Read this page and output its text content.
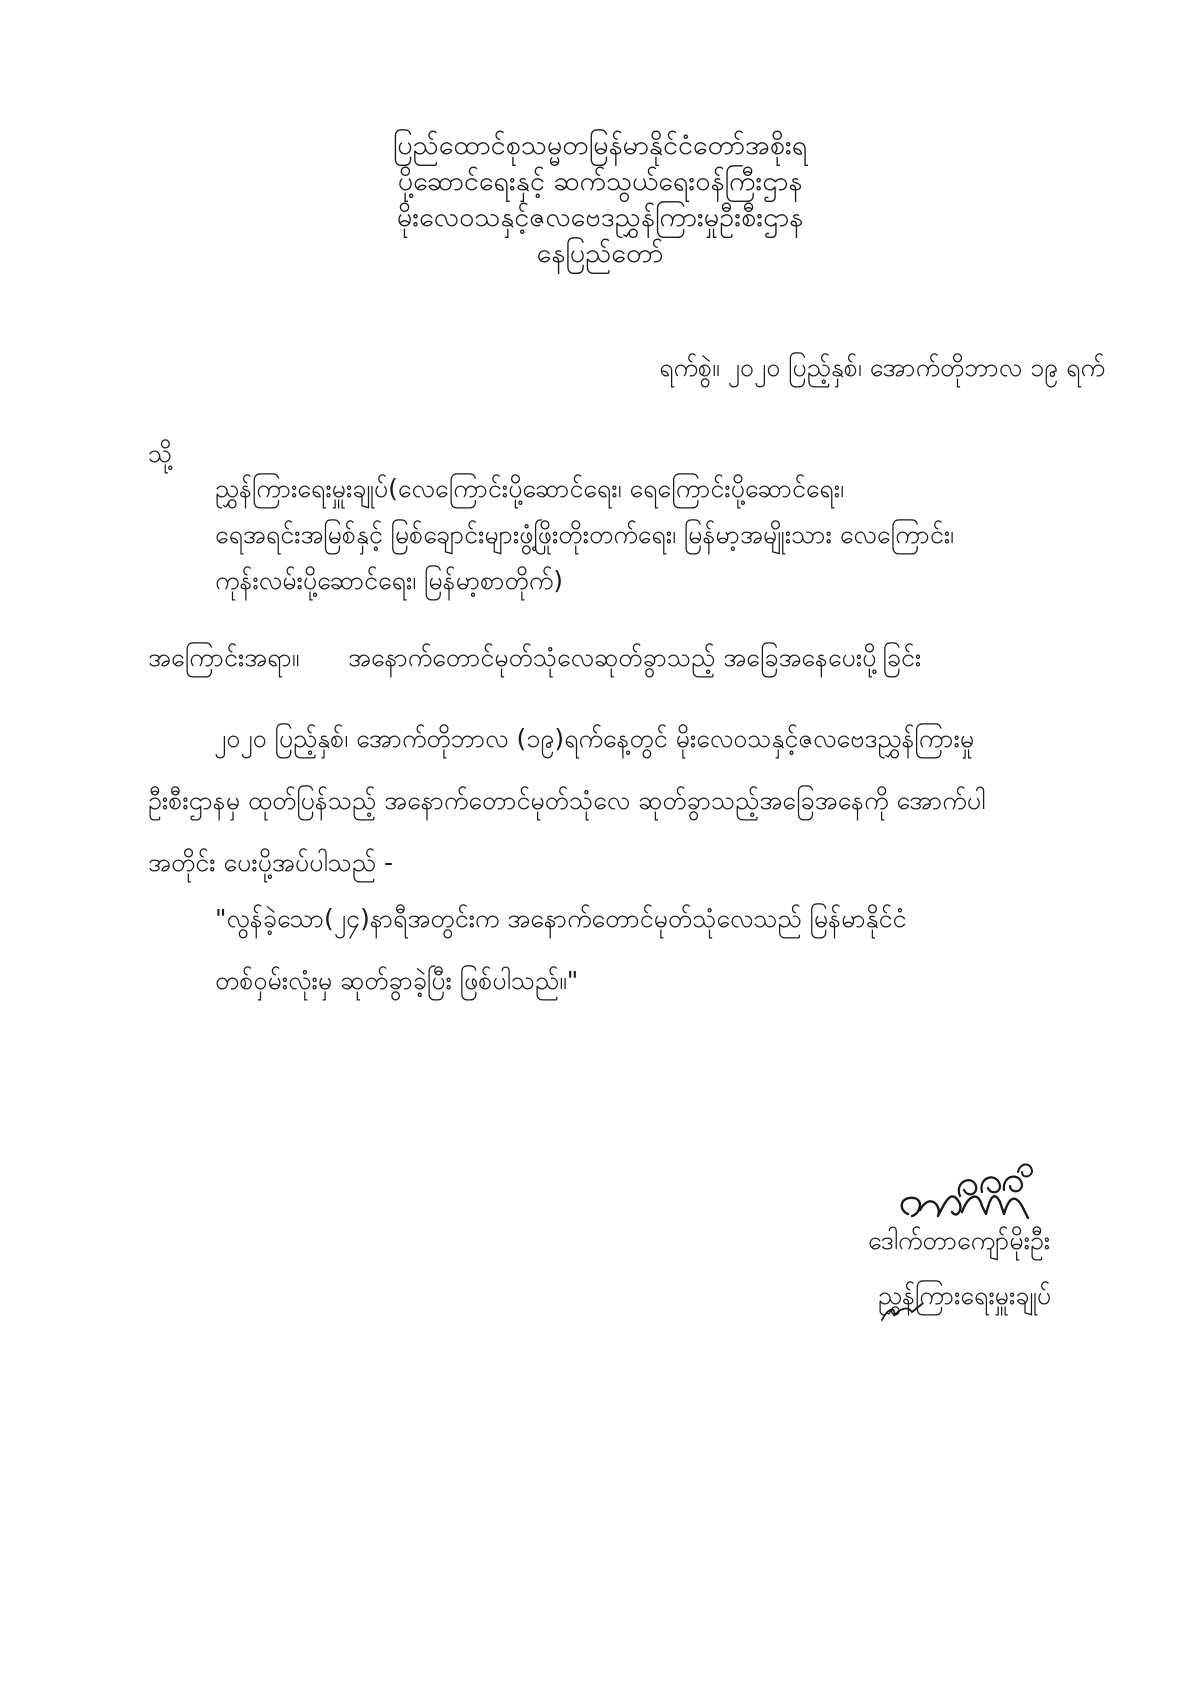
ပြည်ထောင်စုသမ္မတမြန်မာနိုင်ငံတော်အစိုးရ
ပို့ဆောင်ရေးနှင့် ဆက်သွယ်ရေးဝန်ကြီးဌာန
မိုးလေဝသနှင့်ဇလဗေဒညွှန်ကြားမှုဦးစီးဌာန
နေပြည်တော်
ရက်စွဲ။ ၂၀၂၀ ပြည့်နှစ်၊ အောက်တိုဘာလ ၁၉ ရက်
သို့
ညွှန်ကြားရေးမှူးချုပ်(လေကြောင်းပို့ဆောင်ရေး၊ ရေကြောင်းပို့ဆောင်ရေး၊
ရေအရင်းအမြစ်နှင့် မြစ်ချောင်းများဖွံ့ဖြိုးတိုးတက်ရေး၊ မြန်မာ့အမျိုးသား လေကြောင်း၊
ကုန်းလမ်းပို့ဆောင်ရေး၊ မြန်မာ့စာတိုက်)
အကြောင်းအရာ။ အနောက်တောင်မုတ်သုံလေဆုတ်ခွာသည့် အခြေအနေပေးပို့ခြင်း
၂၀၂၀ ပြည့်နှစ်၊ အောက်တိုဘာလ (၁၉)ရက်နေ့တွင် မိုးလေဝသနှင့်ဇလဗေဒညွှန်ကြားမှု
ဦးစီးဌာနမှ ထုတ်ပြန်သည့် အနောက်တောင်မုတ်သုံလေ ဆုတ်ခွာသည့်အခြေအနေကို အောက်ပါ
အတိုင်း ပေးပို့အပ်ပါသည် -
"လွန်ခဲ့သော(၂၄)နာရီအတွင်းက အနောက်တောင်မုတ်သုံလေသည် မြန်မာနိုင်ငံ
တစ်ဝှမ်းလုံးမှ ဆုတ်ခွာခဲ့ပြီး ဖြစ်ပါသည်။"
ဒေါက်တာကျော်မိုးဦး
ညွှန်ကြားရေးမှူးချုပ်
